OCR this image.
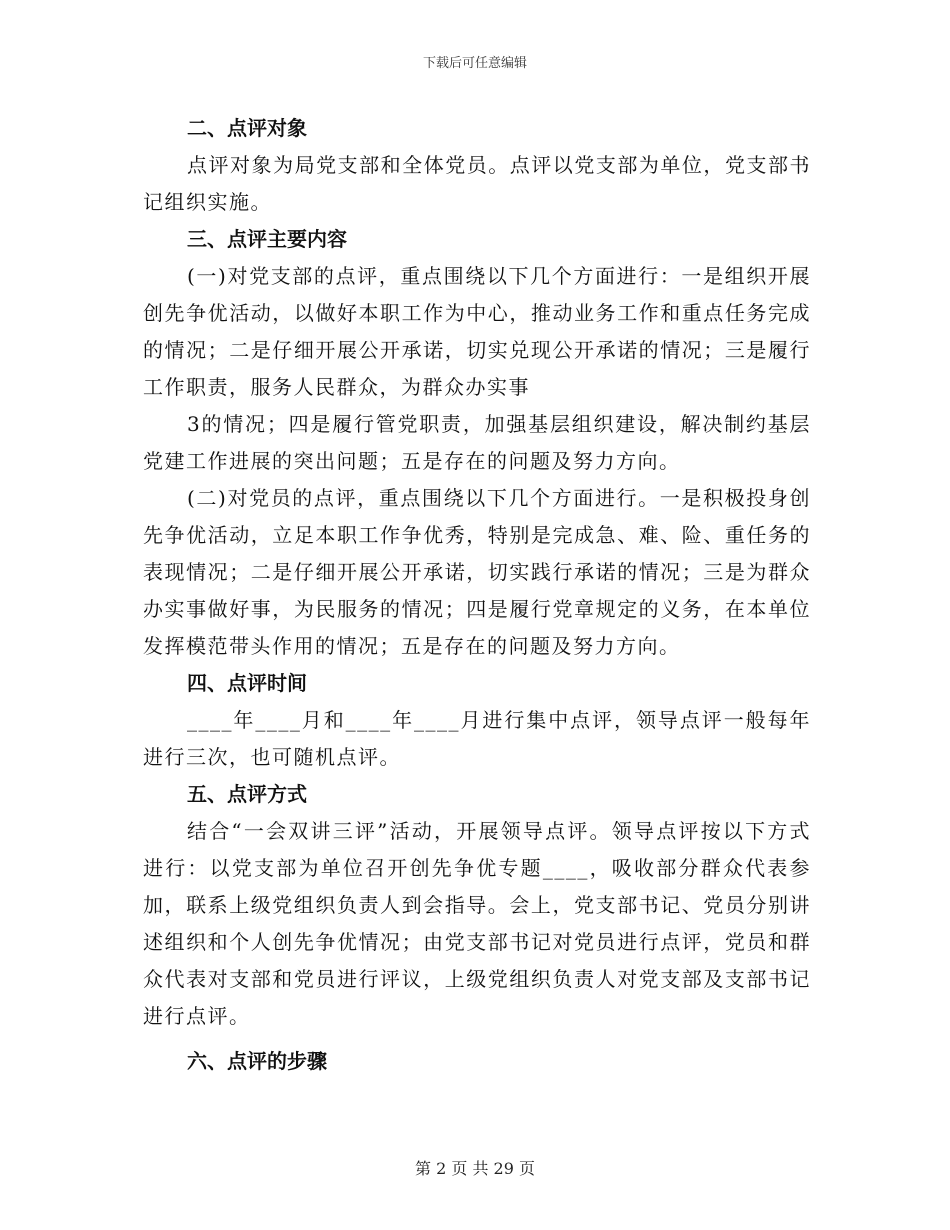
下载后可任意编辑
二、点评对象

点评对象为局党支部和全体党员。点评以党支部为单位，党支部书记组织实施。

三、点评主要内容

(一)对党支部的点评，重点围绕以下几个方面进行：一是组织开展创先争优活动，以做好本职工作为中心，推动业务工作和重点任务完成的情况；二是仔细开展公开承诺，切实兑现公开承诺的情况；三是履行工作职责，服务人民群众，为群众办实事

3的情况；四是履行管党职责，加强基层组织建设，解决制约基层党建工作进展的突出问题；五是存在的问题及努力方向。

(二)对党员的点评，重点围绕以下几个方面进行。一是积极投身创先争优活动，立足本职工作争优秀，特别是完成急、难、险、重任务的表现情况；二是仔细开展公开承诺，切实践行承诺的情况；三是为群众办实事做好事，为民服务的情况；四是履行党章规定的义务，在本单位发挥模范带头作用的情况；五是存在的问题及努力方向。

四、点评时间

____年____月和____年____月进行集中点评，领导点评一般每年进行三次，也可随机点评。

五、点评方式

结合“一会双讲三评”活动，开展领导点评。领导点评按以下方式进行：以党支部为单位召开创先争优专题____，吸收部分群众代表参加，联系上级党组织负责人到会指导。会上，党支部书记、党员分别讲述组织和个人创先争优情况；由党支部书记对党员进行点评，党员和群众代表对支部和党员进行评议，上级党组织负责人对党支部及支部书记进行点评。

六、点评的步骤
第 2 页 共 29 页
